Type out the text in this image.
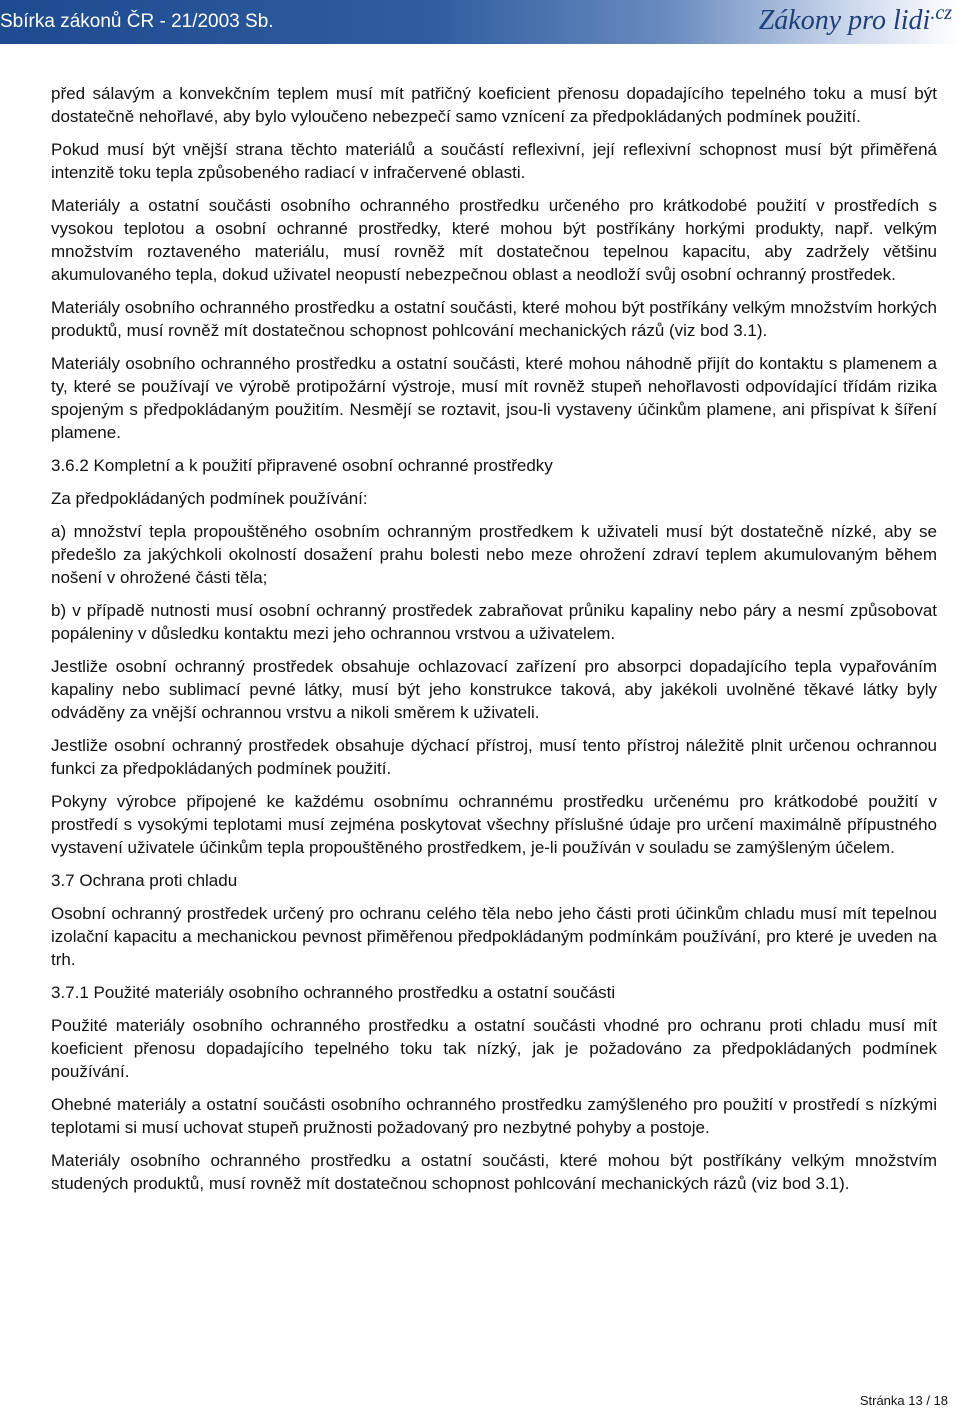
Sbírka zákonů ČR - 21/2003 Sb.	Zákony pro lidi$^{.cz}$

před sálavým a konvekčním teplem musí mít patřičný koeficient přenosu dopadajícího tepelného toku a musí být dostatečně nehořlavé, aby bylo vyloučeno nebezpečí samo vznícení za předpokládaných podmínek použití.

Pokud musí být vnější strana těchto materiálů a součástí reflexivní, její reflexivní schopnost musí být přiměřená intenzitě toku tepla způsobeného radiací v infračervené oblasti.

Materiály a ostatní součásti osobního ochranného prostředku určeného pro krátkodobé použití v prostředích s vysokou teplotou a osobní ochranné prostředky, které mohou být postříkány horkými produkty, např. velkým množstvím roztaveného materiálu, musí rovněž mít dostatečnou tepelnou kapacitu, aby zadržely většinu akumulovaného tepla, dokud uživatel neopustí nebezpečnou oblast a neodloží svůj osobní ochranný prostředek.

Materiály osobního ochranného prostředku a ostatní součásti, které mohou být postříkány velkým množstvím horkých produktů, musí rovněž mít dostatečnou schopnost pohlcování mechanických rázů (viz bod 3.1).

Materiály osobního ochranného prostředku a ostatní součásti, které mohou náhodně přijít do kontaktu s plamenem a ty, které se používají ve výrobě protipožární výstroje, musí mít rovněž stupeň nehořlavosti odpovídající třídám rizika spojeným s předpokládaným použitím. Nesmějí se roztavit, jsou-li vystaveny účinkům plamene, ani přispívat k šíření plamene.

3.6.2 Kompletní a k použití připravené osobní ochranné prostředky

Za předpokládaných podmínek používání:

a) množství tepla propouštěného osobním ochranným prostředkem k uživateli musí být dostatečně nízké, aby se předešlo za jakýchkoli okolností dosažení prahu bolesti nebo meze ohrožení zdraví teplem akumulovaným během nošení v ohrožené části těla;

b) v případě nutnosti musí osobní ochranný prostředek zabraňovat průniku kapaliny nebo páry a nesmí způsobovat popáleniny v důsledku kontaktu mezi jeho ochrannou vrstvou a uživatelem.

Jestliže osobní ochranný prostředek obsahuje ochlazovací zařízení pro absorpci dopadajícího tepla vypařováním kapaliny nebo sublimací pevné látky, musí být jeho konstrukce taková, aby jakékoli uvolněné těkavé látky byly odváděny za vnější ochrannou vrstvu a nikoli směrem k uživateli.

Jestliže osobní ochranný prostředek obsahuje dýchací přístroj, musí tento přístroj náležitě plnit určenou ochrannou funkci za předpokládaných podmínek použití.

Pokyny výrobce připojené ke každému osobnímu ochrannému prostředku určenému pro krátkodobé použití v prostředí s vysokými teplotami musí zejména poskytovat všechny příslušné údaje pro určení maximálně přípustného vystavení uživatele účinkům tepla propouštěného prostředkem, je-li používán v souladu se zamýšleným účelem.

3.7 Ochrana proti chladu

Osobní ochranný prostředek určený pro ochranu celého těla nebo jeho části proti účinkům chladu musí mít tepelnou izolační kapacitu a mechanickou pevnost přiměřenou předpokládaným podmínkám používání, pro které je uveden na trh.

3.7.1 Použité materiály osobního ochranného prostředku a ostatní součásti

Použité materiály osobního ochranného prostředku a ostatní součásti vhodné pro ochranu proti chladu musí mít koeficient přenosu dopadajícího tepelného toku tak nízký, jak je požadováno za předpokládaných podmínek používání.

Ohebné materiály a ostatní součásti osobního ochranného prostředku zamýšleného pro použití v prostředí s nízkými teplotami si musí uchovat stupeň pružnosti požadovaný pro nezbytné pohyby a postoje.

Materiály osobního ochranného prostředku a ostatní součásti, které mohou být postříkány velkým množstvím studených produktů, musí rovněž mít dostatečnou schopnost pohlcování mechanických rázů (viz bod 3.1).

Stránka 13 / 18
